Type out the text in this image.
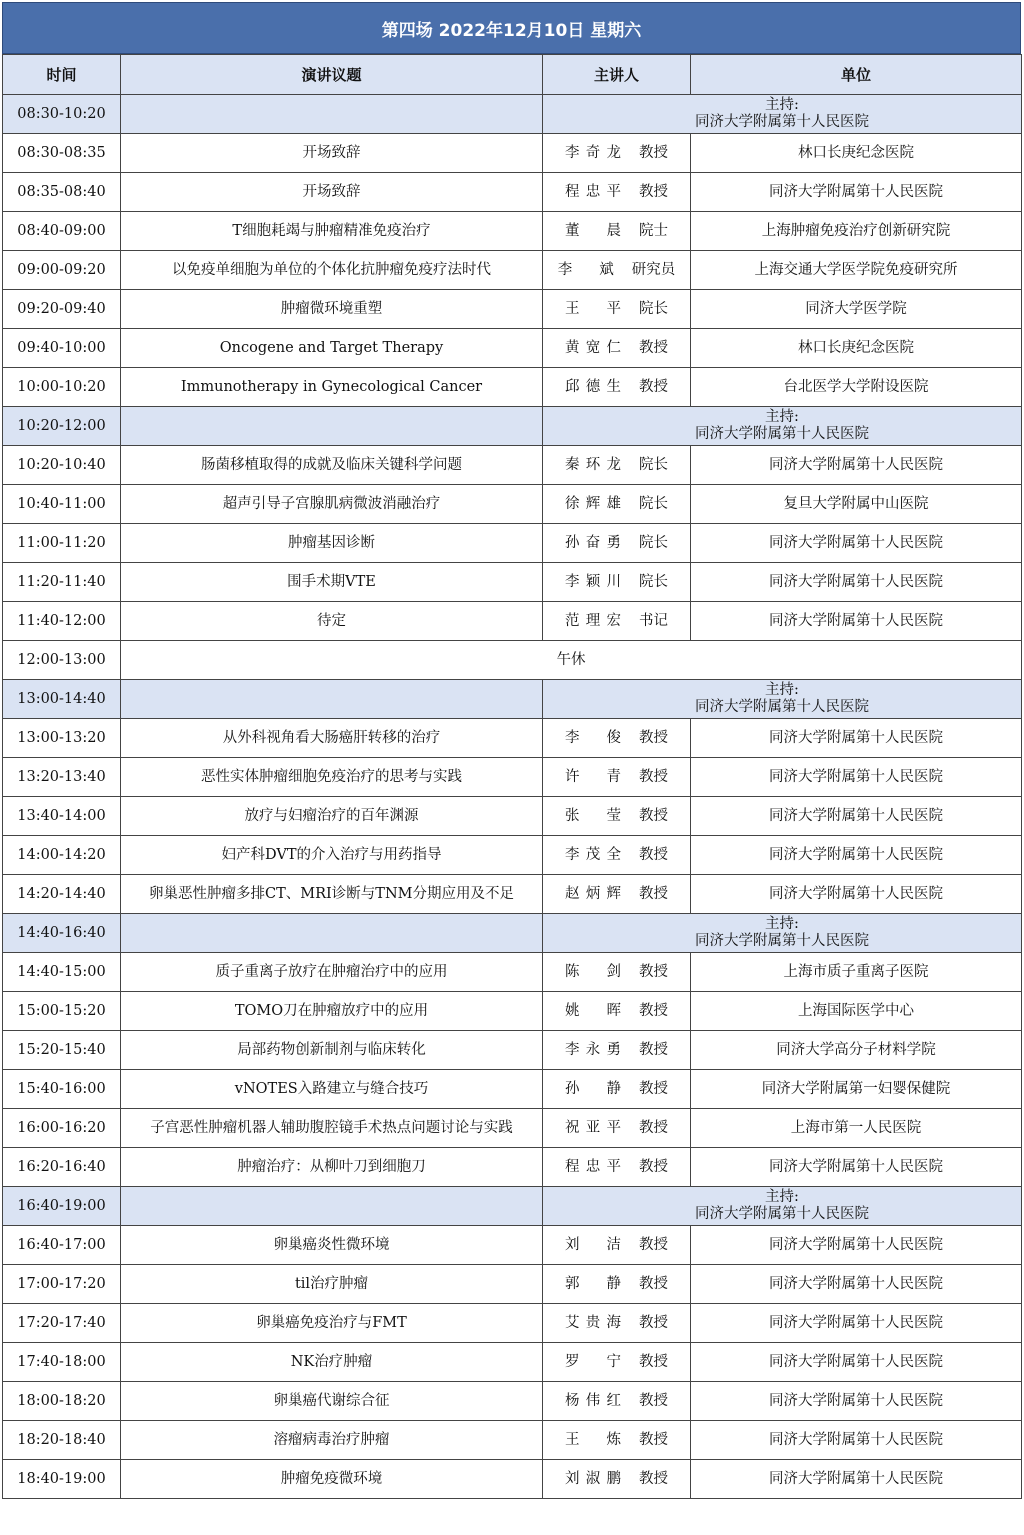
第四场 2022年12月10日 星期六
时间	演讲议题	主讲人	单位
08:30-10:20		主持:
同济大学附属第十人民医院	

08:30-08:35	开场致辞	李奇龙 教授	林口长庚纪念医院
08:35-08:40	开场致辞	程忠平 教授	同济大学附属第十人民医院
08:40-09:00	T细胞耗竭与肿瘤精准免疫治疗	董晨 院士	上海肿瘤免疫治疗创新研究院
09:00-09:20	以免疫单细胞为单位的个体化抗肿瘤免疫疗法时代	李斌 研究员	上海交通大学医学院免疫研究所
09:20-09:40	肿瘤微环境重塑	王平 院长	同济大学医学院
09:40-10:00	Oncogene and Target Therapy	黄宽仁 教授	林口长庚纪念医院
10:00-10:20	Immunotherapy in Gynecological Cancer	邱德生 教授	台北医学大学附设医院
10:20-12:00		主持:
同济大学附属第十人民医院	

10:20-10:40	肠菌移植取得的成就及临床关键科学问题	秦环龙 院长	同济大学附属第十人民医院
10:40-11:00	超声引导子宫腺肌病微波消融治疗	徐辉雄 院长	复旦大学附属中山医院
11:00-11:20	肿瘤基因诊断	孙奋勇 院长	同济大学附属第十人民医院
11:20-11:40	围手术期VTE	李颖川 院长	同济大学附属第十人民医院
11:40-12:00	待定	范理宏 书记	同济大学附属第十人民医院
12:00-13:00	午休		
13:00-14:40		主持:
同济大学附属第十人民医院	

13:00-13:20	从外科视角看大肠癌肝转移的治疗	李俊 教授	同济大学附属第十人民医院
13:20-13:40	恶性实体肿瘤细胞免疫治疗的思考与实践	许青 教授	同济大学附属第十人民医院
13:40-14:00	放疗与妇瘤治疗的百年渊源	张莹 教授	同济大学附属第十人民医院
14:00-14:20	妇产科DVT的介入治疗与用药指导	李茂全 教授	同济大学附属第十人民医院
14:20-14:40	卵巢恶性肿瘤多排CT、MRI诊断与TNM分期应用及不足	赵炳辉 教授	同济大学附属第十人民医院
14:40-16:40		主持:
同济大学附属第十人民医院	

14:40-15:00	质子重离子放疗在肿瘤治疗中的应用	陈剑 教授	上海市质子重离子医院
15:00-15:20	TOMO刀在肿瘤放疗中的应用	姚晖 教授	上海国际医学中心
15:20-15:40	局部药物创新制剂与临床转化	李永勇 教授	同济大学高分子材料学院
15:40-16:00	vNOTES入路建立与缝合技巧	孙静 教授	同济大学附属第一妇婴保健院
16:00-16:20	子宫恶性肿瘤机器人辅助腹腔镜手术热点问题讨论与实践	祝亚平 教授	上海市第一人民医院
16:20-16:40	肿瘤治疗：从柳叶刀到细胞刀	程忠平 教授	同济大学附属第十人民医院
16:40-19:00		主持:
同济大学附属第十人民医院	

16:40-17:00	卵巢癌炎性微环境	刘洁 教授	同济大学附属第十人民医院
17:00-17:20	til治疗肿瘤	郭静 教授	同济大学附属第十人民医院
17:20-17:40	卵巢癌免疫治疗与FMT	艾贵海 教授	同济大学附属第十人民医院
17:40-18:00	NK治疗肿瘤	罗宁 教授	同济大学附属第十人民医院
18:00-18:20	卵巢癌代谢综合征	杨伟红 教授	同济大学附属第十人民医院
18:20-18:40	溶瘤病毒治疗肿瘤	王炼 教授	同济大学附属第十人民医院
18:40-19:00	肿瘤免疫微环境	刘淑鹏 教授	同济大学附属第十人民医院
